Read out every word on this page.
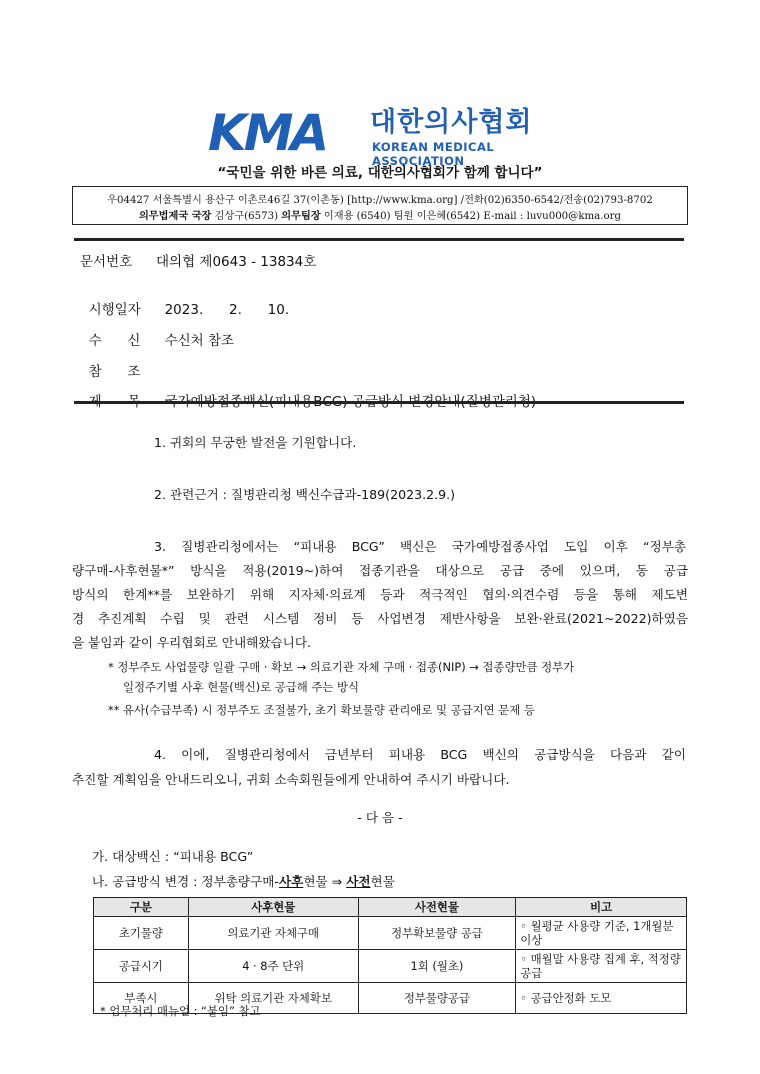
KMA 대한의사협회
KOREAN MEDICAL ASSOCIATION
“국민을 위한 바른 의료, 대한의사협회가 함께 합니다”
우04427 서울특별시 용산구 이촌로46길 37(이촌동) [http://www.kma.org] /전화(02)6350-6542/전송(02)793-8702
의무법제국 국장 김상구(6573) 의무팀장 이재용 (6540) 팀원 이은혜(6542) E-mail : luvu000@kma.org
문서번호 대의협 제0643 - 13834호

시행일자 2023.      2.      10.

수      신 수신처 참조

참      조

제      목 국가예방접종백신(피내용BCG) 공급방식 변경안내(질병관리청)

1. 귀회의 무궁한 발전을 기원합니다.
2. 관련근거 : 질병관리청 백신수급과-189(2023.2.9.)
3. 질병관리청에서는 “피내용 BCG” 백신은 국가예방접종사업 도입 이후 “정부총
량구매-사후현물*” 방식을 적용(2019~)하여 접종기관을 대상으로 공급 중에 있으며, 동 공급
방식의 한계**를 보완하기 위해 지자체·의료계 등과 적극적인 협의·의견수렴 등을 통해 제도변
경 추진계획 수립 및 관련 시스템 정비 등 사업변경 제반사항을 보완·완료(2021~2022)하였음
을 붙임과 같이 우리협회로 안내해왔습니다.
* 정부주도 사업물량 일괄 구매 · 확보 → 의료기관 자체 구매 · 접종(NIP) → 접종량만큼 정부가
일정주기별 사후 현물(백신)로 공급해 주는 방식
** 유사(수급부족) 시 정부주도 조절불가, 초기 확보물량 관리애로 및 공급지연 문제 등
4. 이에, 질병관리청에서 금년부터 피내용 BCG 백신의 공급방식을 다음과 같이
추진할 계획임을 안내드리오니, 귀회 소속회원들에게 안내하여 주시기 바랍니다.
- 다 음 -
가. 대상백신 : “피내용 BCG”
나. 공급방식 변경 : 정부총량구매-사후현물 ⇒ 사전현물
구분	사후현물	사전현물	비고
초기물량	의료기관 자체구매	정부확보물량 공급	◦ 월평균 사용량 기준, 1개월분 이상
공급시기	4 · 8주 단위	1회 (월초)	◦ 매월말 사용량 집계 후, 적정량 공급
부족시	위탁 의료기관 자체확보	정부물량공급	◦ 공급안정화 도모
* 업무처리 매뉴얼 : “붙임” 참고
